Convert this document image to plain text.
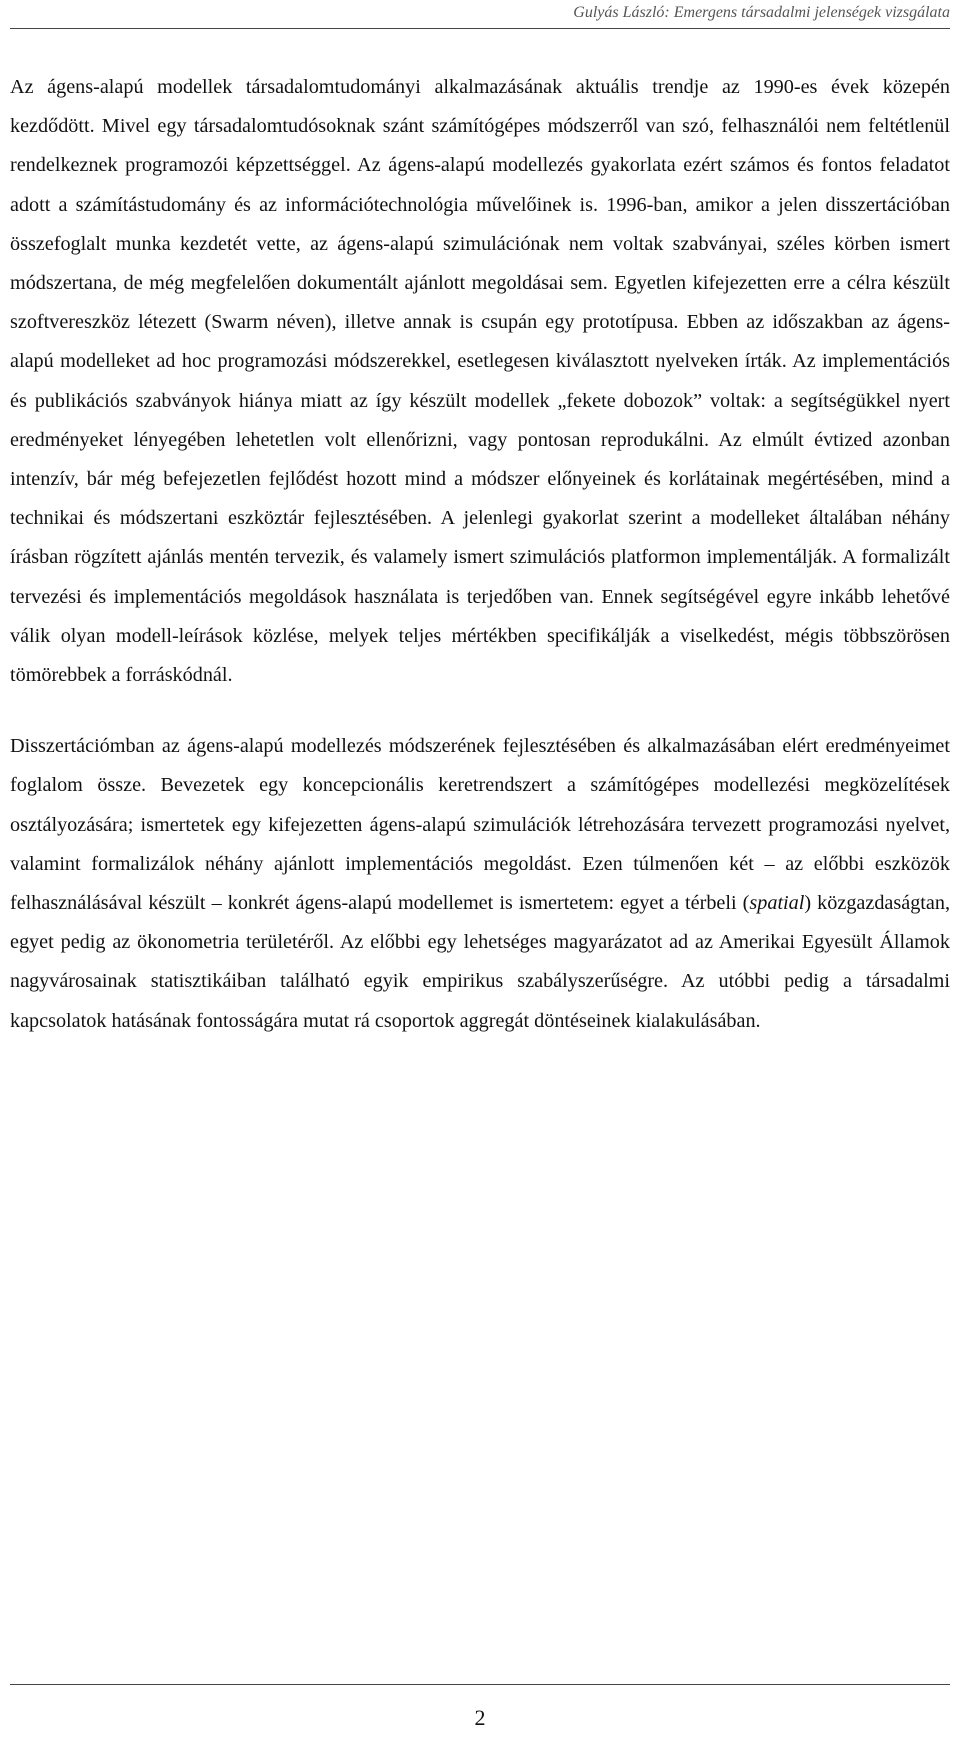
Gulyás László: Emergens társadalmi jelenségek vizsgálata

Az ágens-alapú modellek társadalomtudományi alkalmazásának aktuális trendje az 1990-es évek közepén kezdődött. Mivel egy társadalomtudósoknak szánt számítógépes módszerről van szó, felhasználói nem feltétlenül rendelkeznek programozói képzettséggel. Az ágens-alapú modellezés gyakorlata ezért számos és fontos feladatot adott a számítástudomány és az információtechnológia művelőinek is. 1996-ban, amikor a jelen disszertációban összefoglalt munka kezdetét vette, az ágens-alapú szimulációnak nem voltak szabványai, széles körben ismert módszertana, de még megfelelően dokumentált ajánlott megoldásai sem. Egyetlen kifejezetten erre a célra készült szoftvereszköz létezett (Swarm néven), illetve annak is csupán egy prototípusa. Ebben az időszakban az ágens-alapú modelleket ad hoc programozási módszerekkel, esetlegesen kiválasztott nyelveken írták. Az implementációs és publikációs szabványok hiánya miatt az így készült modellek „fekete dobozok” voltak: a segítségükkel nyert eredményeket lényegében lehetetlen volt ellenőrizni, vagy pontosan reprodukálni. Az elmúlt évtized azonban intenzív, bár még befejezetlen fejlődést hozott mind a módszer előnyeinek és korlátainak megértésében, mind a technikai és módszertani eszköztár fejlesztésében. A jelenlegi gyakorlat szerint a modelleket általában néhány írásban rögzített ajánlás mentén tervezik, és valamely ismert szimulációs platformon implementálják. A formalizált tervezési és implementációs megoldások használata is terjedőben van. Ennek segítségével egyre inkább lehetővé válik olyan modell-leírások közlése, melyek teljes mértékben specifikálják a viselkedést, mégis többszörösen tömörebbek a forráskódnál.

Disszertációmban az ágens-alapú modellezés módszerének fejlesztésében és alkalmazásában elért eredményeimet foglalom össze. Bevezetek egy koncepcionális keretrendszert a számítógépes modellezési megközelítések osztályozására; ismertetek egy kifejezetten ágens-alapú szimulációk létrehozására tervezett programozási nyelvet, valamint formalizálok néhány ajánlott implementációs megoldást. Ezen túlmenően két – az előbbi eszközök felhasználásával készült – konkrét ágens-alapú modellemet is ismertetem: egyet a térbeli (spatial) közgazdaságtan, egyet pedig az ökonometria területéről. Az előbbi egy lehetséges magyarázatot ad az Amerikai Egyesült Államok nagyvárosainak statisztikáiban található egyik empirikus szabályszerűségre. Az utóbbi pedig a társadalmi kapcsolatok hatásának fontosságára mutat rá csoportok aggregát döntéseinek kialakulásában.

2
